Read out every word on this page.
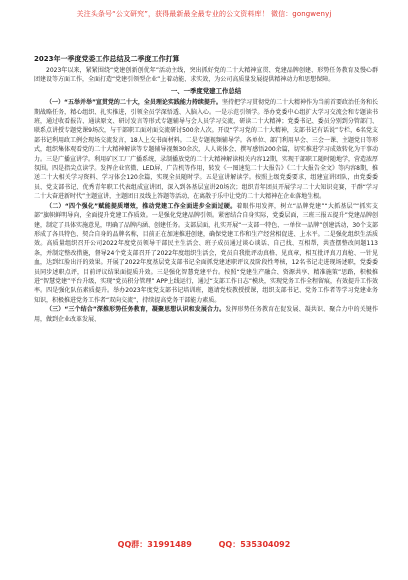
关注头条号“公文研究”，获得最新最全最专业的公文资料库！ 微信：gongwenyj
2023年一季度党委工作总结及二季度工作打算

2023年以来，紧紧围绕“党建创新创优年”活动主线，突出抓好党的二十大精神宣贯、党建品牌创建、形势任务教育及慢心群团建设等方面工作，全面打造“党建引领型企业”上着动能、求实效，为公司高质量发展提供精神动力和思想保障。

一、一季度党建工作总结

（一）“五举并举”宣贯党的二十大，全员理论实践能力持续提升。坚持把学习贯彻党的二十大精神作为当前首要政治任务和长期战略任务，精心组织、扎实推进，引领全员学深悟透、入脑入心。一是示范引领学。举办党委中心组扩大学习交流会和专题读书班，通过收看报告、通读原文、研讨发言等形式专题辅导与会人员学习交流，研读二十大精神；党委书记、委员分别到分管部门、联系点讲授专题党课9场次，与干部职工面对面交流研讨500余人次。开设“学习党的二十大精神，支部书记有话说”专栏，6名党支部书记利用政工例会现场交流发言，18人上交书面材料。二是专题视频辅导学。各单位、部门利用早会、三会一课、主题党日等形式，组织集体观看党的二十大精神解读等专题辅导视频30余次，人人谈体会、撰写感悟200余篇，切实推进学习成效转化为干事动力。三是广播宣讲学。利用矿区工厂广播系统，录制播放党的二十大精神解读相关内容12期，实现干部职工随时随地学，营造浓厚氛围。四是指尖点读学。发挥企业官微、LED屏、广告机等作用，转发《一图速览二十大报告》《二十大报告全文》等内容8期，推送二十大相关学习资料、学习体会120余篇，实现全员随时学。五是宣讲解读学。按照上级党委要求，组建宣讲团队，由党委委员、党支部书记、优秀青年职工代表组成宣讲团，深入到各基层宣讲20场次；组织青年团员开展学习二十大知识竞赛，干群“学习二十大奋进新时代”主题宣讲，主题团日及线上答题等活动，在离散于乐中让党的二十大精神在企业落地生根。

（二）“四个强化”赋能提质增效，推动党建工作全面进步全面过硬。着眼作用发挥，树立“品牌党建”“大抓基层”“抓实支部”旗帜鲜明导向，全面提升党建工作质效。一是强化党建品牌引领。紧密结合自身实际，党委层面，三班三报五提升”党建品牌创建，制定了具体实施意见，明确了品牌内涵、创建任务。支部层面，扎实开展“一支部一特色、一单位一品牌”创建活动，30个支部形成了各具特色、契合自身的品牌名称，目前正在加速推进创建，确保党建工作和生产经营相促进、上水平。二是强化组织生活质效。高质量组织召开公司2022年度党员领导干部民主生活会、班子成员通过谈心谈话、自己找、互相帮，共查摆整改问题113条，并制定整改措施，督导24个党支部召开了2022年度组织生活会，党员自我批评动真格、见真章，相互批评真刀真枪、一针见血，达到红脸出汗的效果。开展了2022年度基层党支部书记全面抓党建述职评议及阶段性考核，12名书记走进现场述职，党委委员同步述职点评，目前评议结果面提质升效。三是强化智慧党建平台。按照“党建生产融合、资源共享、精准施策”思路，积极推进“智慧党建”平台升级，实现“党员积分管理” APP上线运行，通过“支部工作日志”模块，实现党务工作全程留痕，有效提升工作效率。四是强化队伍素质提升。举办2023年度党支部书记培训班，邀请党校教授授课，组织支部书记、党务工作者等学习党建业务知识，积极推进党务工作者“双向交流”，持续提高党务干部能力素质。

（三）“三个结合”深推形势任务教育，凝聚思想认识和发展合力。发挥形势任务教育在促发展、凝共识、聚合力中的关键作用，做到企业改革发展、

QQ群：31991489	QQ：535304092
